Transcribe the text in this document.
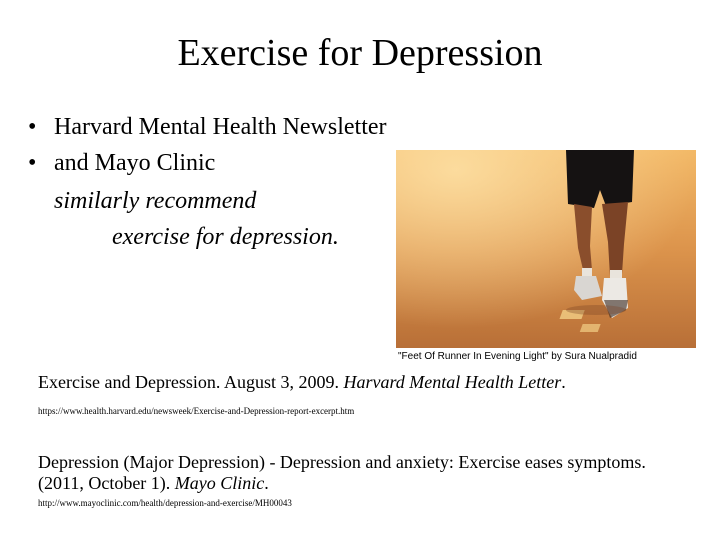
Exercise for Depression
• Harvard Mental Health Newsletter
• and Mayo Clinic
similarly recommend
exercise for depression.
"Feet Of Runner In Evening Light" by Sura Nualpradid
Exercise and Depression. August 3, 2009. Harvard Mental Health Letter.
https://www.health.harvard.edu/newsweek/Exercise-and-Depression-report-excerpt.htm
Depression (Major Depression) - Depression and anxiety: Exercise eases symptoms. (2011, October 1). Mayo Clinic.
http://www.mayoclinic.com/health/depression-and-exercise/MH00043
